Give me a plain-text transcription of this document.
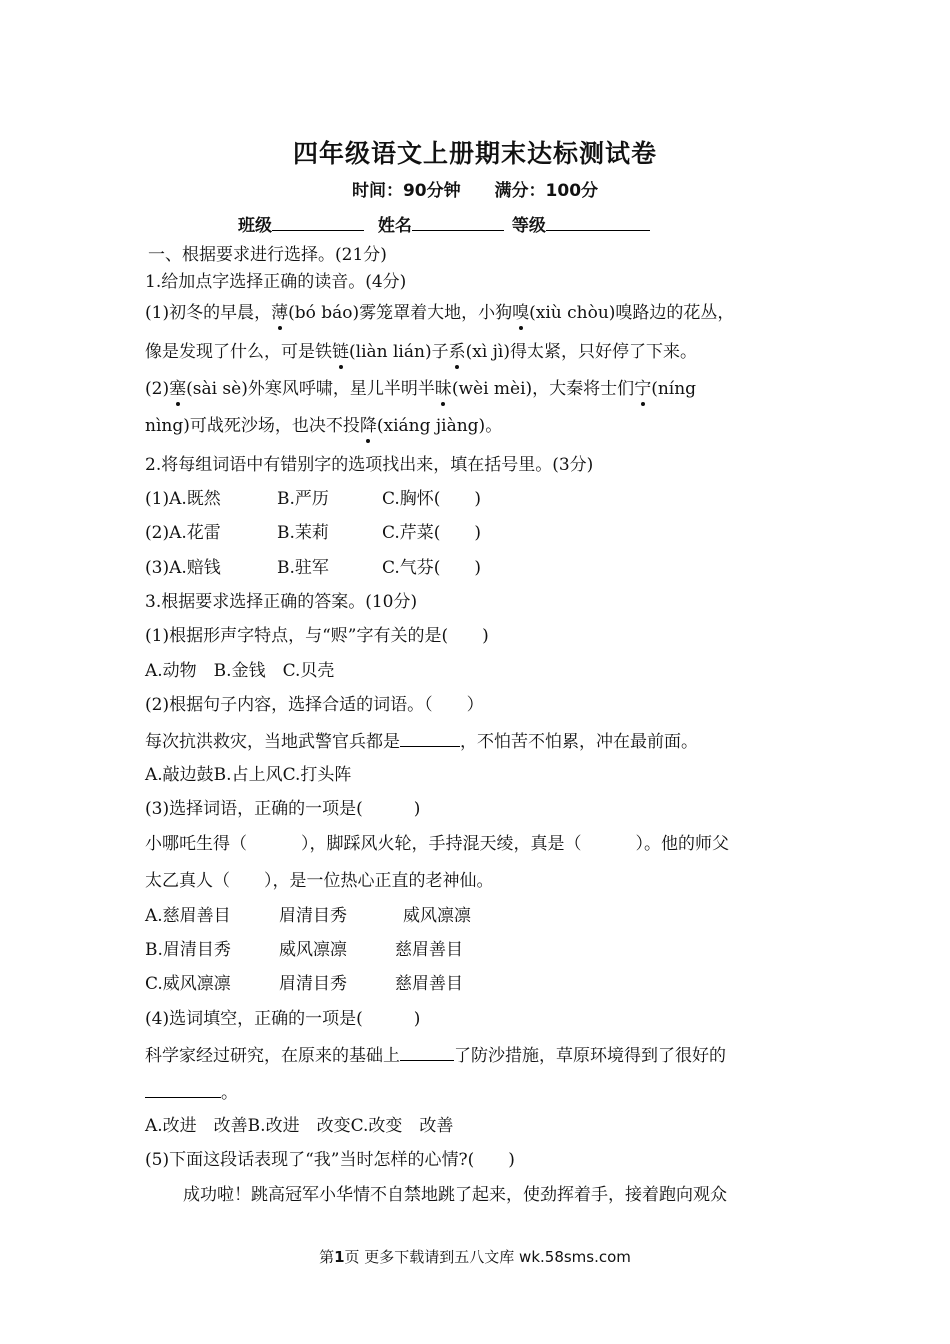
四年级语文上册期末达标测试卷
时间：90分钟 满分：100分
班级	姓名	等级
一、根据要求进行选择。(21分)
1.给加点字选择正确的读音。(4分)
(1)初冬的早晨，薄(bó báo)雾笼罩着大地，小狗嗅(xiù chòu)嗅路边的花丛，
像是发现了什么，可是铁链(liàn lián)子系(xì jì)得太紧，只好停了下来。
(2)塞(sài sè)外寒风呼啸，星儿半明半昧(wèi mèi)，大秦将士们宁(níng
nìng)可战死沙场，也决不投降(xiáng jiàng)。
2.将每组词语中有错别字的选项找出来，填在括号里。(3分)
(1)A.既然	B.严历	C.胸怀(　　)
(2)A.花雷	B.茉莉	C.芹菜(　　)
(3)A.赔钱	B.驻军	C.气芬(　　)
3.根据要求选择正确的答案。(10分)
(1)根据形声字特点，与“赆”字有关的是(　　)
A.动物　B.金钱　C.贝壳
(2)根据句子内容，选择合适的词语。（　　）
每次抗洪救灾，当地武警官兵都是	，不怕苦不怕累，冲在最前面。
A.敲边鼓B.占上风C.打头阵
(3)选择词语，正确的一项是(　　　)
小哪吒生得（	），脚踩风火轮，手持混天绫，真是（	）。他的师父
太乙真人（　　），是一位热心正直的老神仙。
A.慈眉善目	眉清目秀	威风凛凛
B.眉清目秀	威风凛凛	慈眉善目
C.威风凛凛	眉清目秀	慈眉善目
(4)选词填空，正确的一项是(　　　)
科学家经过研究，在原来的基础上	了防沙措施，草原环境得到了很好的
。
A.改进　改善B.改进　改变C.改变　改善
(5)下面这段话表现了“我”当时怎样的心情?(　　)
成功啦！跳高冠军小华情不自禁地跳了起来，使劲挥着手，接着跑向观众
第1页 更多下载请到五八文库 wk.58sms.com
